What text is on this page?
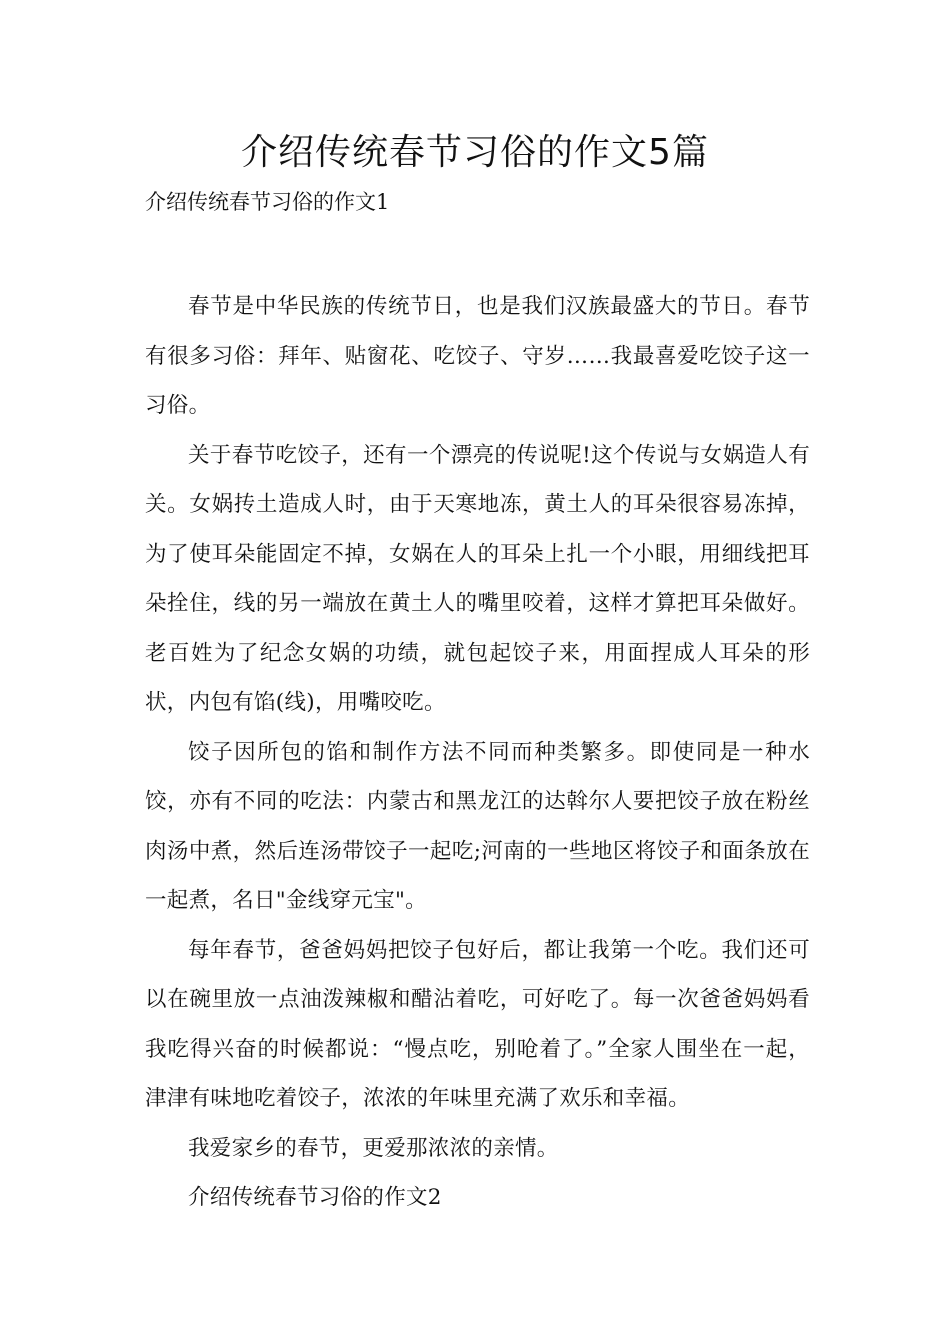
介绍传统春节习俗的作文5篇

介绍传统春节习俗的作文1

春节是中华民族的传统节日，也是我们汉族最盛大的节日。春节有很多习俗：拜年、贴窗花、吃饺子、守岁……我最喜爱吃饺子这一习俗。

关于春节吃饺子，还有一个漂亮的传说呢!这个传说与女娲造人有关。女娲抟土造成人时，由于天寒地冻，黄土人的耳朵很容易冻掉，为了使耳朵能固定不掉，女娲在人的耳朵上扎一个小眼，用细线把耳朵拴住，线的另一端放在黄土人的嘴里咬着，这样才算把耳朵做好。老百姓为了纪念女娲的功绩，就包起饺子来，用面捏成人耳朵的形状，内包有馅(线)，用嘴咬吃。

饺子因所包的馅和制作方法不同而种类繁多。即使同是一种水饺，亦有不同的吃法：内蒙古和黑龙江的达斡尔人要把饺子放在粉丝肉汤中煮，然后连汤带饺子一起吃;河南的一些地区将饺子和面条放在一起煮，名日"金线穿元宝"。

每年春节，爸爸妈妈把饺子包好后，都让我第一个吃。我们还可以在碗里放一点油泼辣椒和醋沾着吃，可好吃了。每一次爸爸妈妈看我吃得兴奋的时候都说：“慢点吃，别呛着了。”全家人围坐在一起，津津有味地吃着饺子，浓浓的年味里充满了欢乐和幸福。

我爱家乡的春节，更爱那浓浓的亲情。

介绍传统春节习俗的作文2
